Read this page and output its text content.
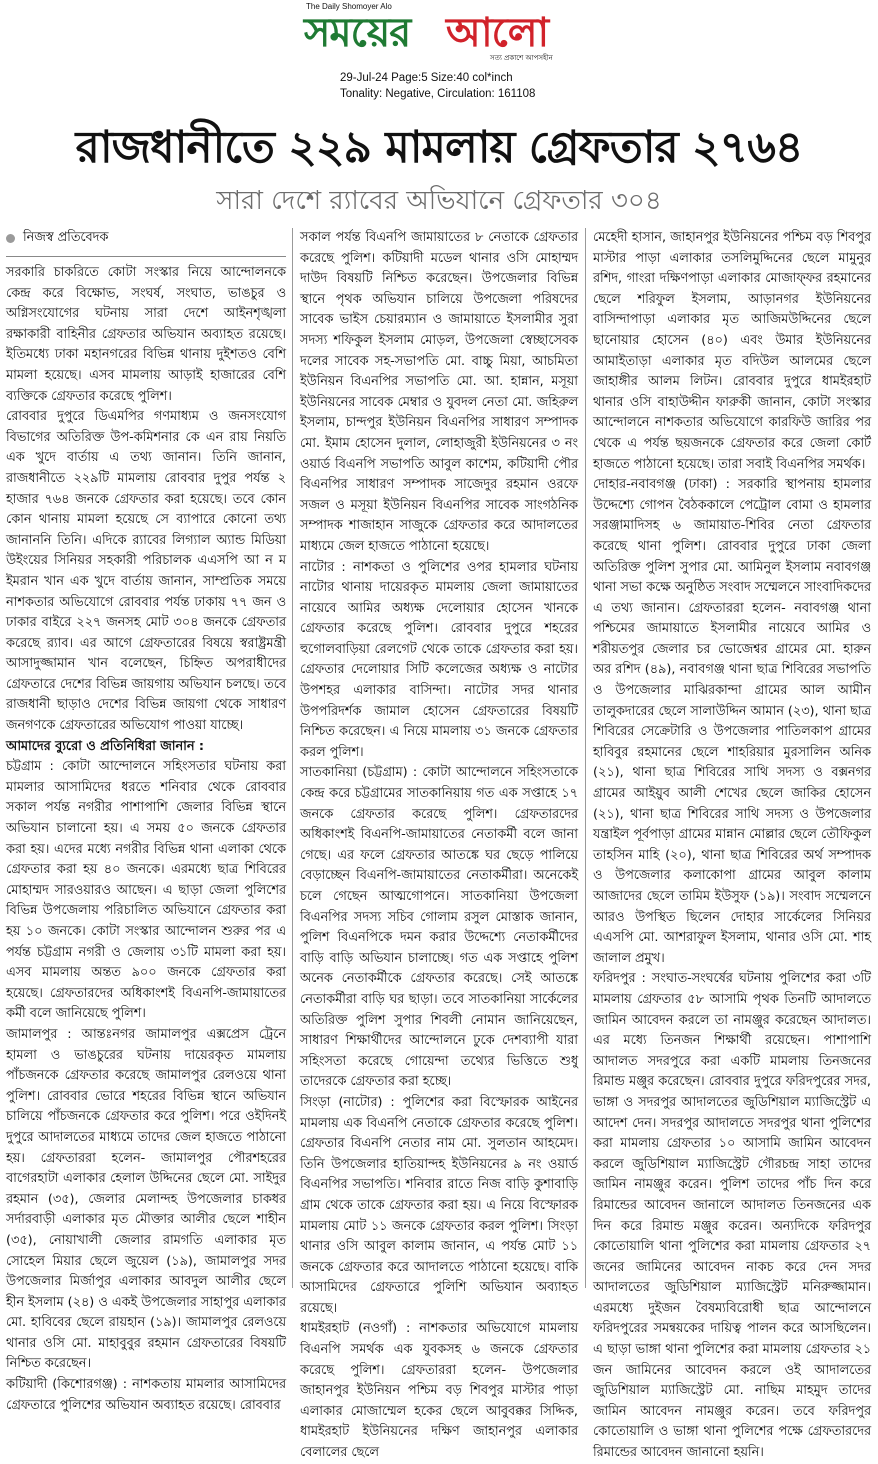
The Daily Shomoyer Alo
সময়ের আলো
সত্য প্রকাশে আপসহীন
29-Jul-24 Page:5 Size:40 col*inch
Tonality: Negative, Circulation: 161108
রাজধানীতে ২২৯ মামলায় গ্রেফতার ২৭৬৪
সারা দেশে র‌্যাবের অভিযানে গ্রেফতার ৩০৪
নিজস্ব প্রতিবেদক

সরকারি চাকরিতে কোটা সংস্কার নিয়ে আন্দোলনকে কেন্দ্র করে বিক্ষোভ, সংঘর্ষ, সংঘাত, ভাঙচুর ও অগ্নিসংযোগের ঘটনায় সারা দেশে আইনশৃঙ্খলা রক্ষাকারী বাহিনীর গ্রেফতার অভিযান অব্যাহত রয়েছে। ইতিমধ্যে ঢাকা মহানগরের বিভিন্ন থানায় দুইশতও বেশি মামলা হয়েছে। এসব মামলায় আড়াই হাজারের বেশি ব্যক্তিকে গ্রেফতার করেছে পুলিশ।

রোববার দুপুরে ডিএমপির গণমাধ্যম ও জনসংযোগ বিভাগের অতিরিক্ত উপ-কমিশনার কে এন রায় নিয়তি এক খুদে বার্তায় এ তথ্য জানান। তিনি জানান, রাজধানীতে ২২৯টি মামলায় রোববার দুপুর পর্যন্ত ২ হাজার ৭৬৪ জনকে গ্রেফতার করা হয়েছে। তবে কোন কোন থানায় মামলা হয়েছে সে ব্যাপারে কোনো তথ্য জানাননি তিনি। এদিকে র‌্যাবের লিগ্যাল অ্যান্ড মিডিয়া উইংয়ের সিনিয়র সহকারী পরিচালক এএসপি আ ন ম ইমরান খান এক খুদে বার্তায় জানান, সাম্প্রতিক সময়ে নাশকতার অভিযোগে রোববার পর্যন্ত ঢাকায় ৭৭ জন ও ঢাকার বাইরে ২২৭ জনসহ মোট ৩০৪ জনকে গ্রেফতার করেছে র‌্যাব। এর আগে গ্রেফতারের বিষয়ে স্বরাষ্ট্রমন্ত্রী আসাদুজ্জামান খান বলেছেন, চিহ্নিত অপরাধীদের গ্রেফতারে দেশের বিভিন্ন জায়গায় অভিযান চলছে। তবে রাজধানী ছাড়াও দেশের বিভিন্ন জায়গা থেকে সাধারণ জনগণকে গ্রেফতারের অভিযোগ পাওয়া যাচ্ছে।

আমাদের ব্যুরো ও প্রতিনিধিরা জানান :

চট্টগ্রাম : কোটা আন্দোলনে সহিংসতার ঘটনায় করা মামলার আসামিদের ধরতে শনিবার থেকে রোববার সকাল পর্যন্ত নগরীর পাশাপাশি জেলার বিভিন্ন স্থানে অভিযান চালানো হয়। এ সময় ৫০ জনকে গ্রেফতার করা হয়। এদের মধ্যে নগরীর বিভিন্ন থানা এলাকা থেকে গ্রেফতার করা হয় ৪০ জনকে। এরমধ্যে ছাত্র শিবিরের মোহাম্মদ সারওয়ারও আছেন। এ ছাড়া জেলা পুলিশের বিভিন্ন উপজেলায় পরিচালিত অভিযানে গ্রেফতার করা হয় ১০ জনকে। কোটা সংস্কার আন্দোলন শুরুর পর এ পর্যন্ত চট্টগ্রাম নগরী ও জেলায় ৩১টি মামলা করা হয়। এসব মামলায় অন্তত ৯০০ জনকে গ্রেফতার করা হয়েছে। গ্রেফতারদের অধিকাংশই বিএনপি-জামায়াতের কর্মী বলে জানিয়েছে পুলিশ।

জামালপুর : আন্তঃনগর জামালপুর এক্সপ্রেস ট্রেনে হামলা ও ভাঙচুরের ঘটনায় দায়েরকৃত মামলায় পাঁচজনকে গ্রেফতার করেছে জামালপুর রেলওয়ে থানা পুলিশ। রোববার ভোরে শহরের বিভিন্ন স্থানে অভিযান চালিয়ে পাঁচজনকে গ্রেফতার করে পুলিশ। পরে ওইদিনই দুপুরে আদালতের মাধ্যমে তাদের জেল হাজতে পাঠানো হয়। গ্রেফতাররা হলেন- জামালপুর পৌরশহরের বাগেরহাটা এলাকার হেলাল উদ্দিনের ছেলে মো. সাইদুর রহমান (৩৫), জেলার মেলান্দহ উপজেলার চাকধর সর্দারবাড়ী এলাকার মৃত মৌক্তার আলীর ছেলে শাহীন (৩৫), নোয়াখালী জেলার রামগতি এলাকার মৃত সোহেল মিয়ার ছেলে জুয়েল (১৯), জামালপুর সদর উপজেলার মির্জাপুর এলাকার আবদুল আলীর ছেলে হীন ইসলাম (২৪) ও একই উপজেলার সাহাপুর এলাকার মো. হাবিবের ছেলে রায়হান (১৯)। জামালপুর রেলওয়ে থানার ওসি মো. মাহাবুবুর রহমান গ্রেফতারের বিষয়টি নিশ্চিত করেছেন।

কটিয়াদী (কিশোরগঞ্জ) : নাশকতায় মামলার আসামিদের গ্রেফতারে পুলিশের অভিযান অব্যাহত রয়েছে। রোববার

সকাল পর্যন্ত বিএনপি জামায়াতের ৮ নেতাকে গ্রেফতার করেছে পুলিশ। কটিয়াদী মডেল থানার ওসি মোহাম্মদ দাউদ বিষয়টি নিশ্চিত করেছেন। উপজেলার বিভিন্ন স্থানে পৃথক অভিযান চালিয়ে উপজেলা পরিষদের সাবেক ভাইস চেয়ারম্যান ও জামায়াতে ইসলামীর সুরা সদস্য শফিকুল ইসলাম মোড়ল, উপজেলা স্বেচ্ছাসেবক দলের সাবেক সহ-সভাপতি মো. বাচ্চু মিয়া, আচমিতা ইউনিয়ন বিএনপির সভাপতি মো. আ. হান্নান, মসূয়া ইউনিয়নের সাবেক মেম্বার ও যুবদল নেতা মো. জহিরুল ইসলাম, চান্দপুর ইউনিয়ন বিএনপির সাধারণ সম্পাদক মো. ইমাম হোসেন দুলাল, লোহাজুরী ইউনিয়নের ৩ নং ওয়ার্ড বিএনপি সভাপতি আবুল কাশেম, কটিয়াদী পৌর বিএনপির সাধারণ সম্পাদক সাজেদুর রহমান ওরফে সজল ও মসূয়া ইউনিয়ন বিএনপির সাবেক সাংগঠনিক সম্পাদক শাজাহান সাজুকে গ্রেফতার করে আদালতের মাধ্যমে জেল হাজতে পাঠানো হয়েছে।

নাটোর : নাশকতা ও পুলিশের ওপর হামলার ঘটনায় নাটোর থানায় দায়েরকৃত মামলায় জেলা জামায়াতের নায়েবে আমির অধ্যক্ষ দেলোয়ার হোসেন খানকে গ্রেফতার করেছে পুলিশ। রোববার দুপুরে শহরের হুগোলবাড়িয়া রেলগেট থেকে তাকে গ্রেফতার করা হয়। গ্রেফতার দেলোয়ার সিটি কলেজের অধ্যক্ষ ও নাটোর উপশহর এলাকার বাসিন্দা। নাটোর সদর থানার উপপরিদর্শক জামাল হোসেন গ্রেফতারের বিষয়টি নিশ্চিত করেছেন। এ নিয়ে মামলায় ৩১ জনকে গ্রেফতার করল পুলিশ।

সাতকানিয়া (চট্টগ্রাম) : কোটা আন্দোলনে সহিংসতাকে কেন্দ্র করে চট্টগ্রামের সাতকানিয়ায় গত এক সপ্তাহে ১৭ জনকে গ্রেফতার করেছে পুলিশ। গ্রেফতারদের অধিকাংশই বিএনপি-জামায়াতের নেতাকর্মী বলে জানা গেছে। এর ফলে গ্রেফতার আতঙ্কে ঘর ছেড়ে পালিয়ে বেড়াচ্ছেন বিএনপি-জামায়াতের নেতাকর্মীরা। অনেকেই চলে গেছেন আত্মগোপনে। সাতকানিয়া উপজেলা বিএনপির সদস্য সচিব গোলাম রসুল মোস্তাক জানান, পুলিশ বিএনপিকে দমন করার উদ্দেশ্যে নেতাকর্মীদের বাড়ি বাড়ি অভিযান চালাচ্ছে। গত এক সপ্তাহে পুলিশ অনেক নেতাকর্মীকে গ্রেফতার করেছে। সেই আতঙ্কে নেতাকর্মীরা বাড়ি ঘর ছাড়া। তবে সাতকানিয়া সার্কেলের অতিরিক্ত পুলিশ সুপার শিবলী নোমান জানিয়েছেন, সাধারণ শিক্ষার্থীদের আন্দোলনে ঢুকে দেশব্যাপী যারা সহিংসতা করেছে গোয়েন্দা তথ্যের ভিত্তিতে শুধু তাদেরকে গ্রেফতার করা হচ্ছে।

সিংড়া (নাটোর) : পুলিশের করা বিস্ফোরক আইনের মামলায় এক বিএনপি নেতাকে গ্রেফতার করেছে পুলিশ। গ্রেফতার বিএনপি নেতার নাম মো. সুলতান আহমেদ। তিনি উপজেলার হাতিয়ান্দহ ইউনিয়নের ৯ নং ওয়ার্ড বিএনপির সভাপতি। শনিবার রাতে নিজ বাড়ি কুশাবাড়ি গ্রাম থেকে তাকে গ্রেফতার করা হয়। এ নিয়ে বিস্ফোরক মামলায় মোট ১১ জনকে গ্রেফতার করল পুলিশ। সিংড়া থানার ওসি আবুল কালাম জানান, এ পর্যন্ত মোট ১১ জনকে গ্রেফতার করে আদালতে পাঠানো হয়েছে। বাকি আসামিদের গ্রেফতারে পুলিশি অভিযান অব্যাহত রয়েছে।

ধামইরহাট (নওগাঁ) : নাশকতার অভিযোগে মামলায় বিএনপি সমর্থক এক যুবকসহ ৬ জনকে গ্রেফতার করেছে পুলিশ। গ্রেফতাররা হলেন- উপজেলার জাহানপুর ইউনিয়ন পশ্চিম বড় শিবপুর মাস্টার পাড়া এলাকার মোজাম্মেল হকের ছেলে আবুবক্কর সিদ্দিক, ধামইরহাট ইউনিয়নের দক্ষিণ জাহানপুর এলাকার বেলালের ছেলে

মেহেদী হাসান, জাহানপুর ইউনিয়নের পশ্চিম বড় শিবপুর মাস্টার পাড়া এলাকার তসলিমুদ্দিনের ছেলে মামুনুর রশিদ, গাংরা দক্ষিণপাড়া এলাকার মোজাফ্ফর রহমানের ছেলে শরিফুল ইসলাম, আড়ানগর ইউনিয়নের বাসিন্দাপাড়া এলাকার মৃত আজিমউদ্দিনের ছেলে ছানোয়ার হোসেন (৪০) এবং উমার ইউনিয়নের আমাইতাড়া এলাকার মৃত বদিউল আলমের ছেলে জাহাঙ্গীর আলম লিটন। রোববার দুপুরে ধামইরহাট থানার ওসি বাহাউদ্দীন ফারুকী জানান, কোটা সংস্কার আন্দোলনে নাশকতার অভিযোগে কারফিউ জারির পর থেকে এ পর্যন্ত ছয়জনকে গ্রেফতার করে জেলা কোর্ট হাজতে পাঠানো হয়েছে। তারা সবাই বিএনপির সমর্থক।

দোহার-নবাবগঞ্জ (ঢাকা) : সরকারি স্থাপনায় হামলার উদ্দেশ্যে গোপন বৈঠককালে পেট্রোল বোমা ও হামলার সরঞ্জামাদিসহ ৬ জামায়াত-শিবির নেতা গ্রেফতার করেছে থানা পুলিশ। রোববার দুপুরে ঢাকা জেলা অতিরিক্ত পুলিশ সুপার মো. আমিনুল ইসলাম নবাবগঞ্জ থানা সভা কক্ষে অনুষ্ঠিত সংবাদ সম্মেলনে সাংবাদিকদের এ তথ্য জানান। গ্রেফতাররা হলেন- নবাবগঞ্জ থানা পশ্চিমের জামায়াতে ইসলামীর নায়েবে আমির ও শরীয়তপুর জেলার চর ভোজেশ্বর গ্রামের মো. হারুন অর রশিদ (৪৯), নবাবগঞ্জ থানা ছাত্র শিবিরের সভাপতি ও উপজেলার মাঝিরকান্দা গ্রামের আল আমীন তালুকদারের ছেলে সালাউদ্দিন আমান (২৩), থানা ছাত্র শিবিরের সেক্রেটারি ও উপজেলার পাতিলকাপ গ্রামের হাবিবুর রহমানের ছেলে শাহরিয়ার মুরসালিন অনিক (২১), থানা ছাত্র শিবিরের সাথি সদস্য ও বক্সনগর গ্রামের আইয়ুব আলী শেখের ছেলে জাকির হোসেন (২১), থানা ছাত্র শিবিরের সাথি সদস্য ও উপজেলার যন্ত্রাইল পূর্বপাড়া গ্রামের মান্নান মোল্লার ছেলে তৌফিকুল তাহসিন মাহি (২০), থানা ছাত্র শিবিরের অর্থ সম্পাদক ও উপজেলার কলাকোপা গ্রামের আবুল কালাম আজাদের ছেলে তামিম ইউসুফ (১৯)। সংবাদ সম্মেলনে আরও উপস্থিত ছিলেন দোহার সার্কেলের সিনিয়র এএসপি মো. আশরাফুল ইসলাম, থানার ওসি মো. শাহ জালাল প্রমুখ।

ফরিদপুর : সংঘাত-সংঘর্ষের ঘটনায় পুলিশের করা ৩টি মামলায় গ্রেফতার ৫৮ আসামি পৃথক তিনটি আদালতে জামিন আবেদন করলে তা নামঞ্জুর করেছেন আদালত। এর মধ্যে তিনজন শিক্ষার্থী রয়েছেন। পাশাপাশি আদালত সদরপুরে করা একটি মামলায় তিনজনের রিমান্ড মঞ্জুর করেছেন। রোববার দুপুরে ফরিদপুরের সদর, ভাঙ্গা ও সদরপুর আদালতের জুডিশিয়াল ম্যাজিস্ট্রেট এ আদেশ দেন। সদরপুর আদালতে সদরপুর থানা পুলিশের করা মামলায় গ্রেফতার ১০ আসামি জামিন আবেদন করলে জুডিশিয়াল ম্যাজিস্ট্রেট গৌরচন্দ্র সাহা তাদের জামিন নামঞ্জুর করেন। পুলিশ তাদের পাঁচ দিন করে রিমান্ডের আবেদন জানালে আদালত তিনজনের এক দিন করে রিমান্ড মঞ্জুর করেন। অন্যদিকে ফরিদপুর কোতোয়ালি থানা পুলিশের করা মামলায় গ্রেফতার ২৭ জনের জামিনের আবেদন নাকচ করে দেন সদর আদালতের জুডিশিয়াল ম্যাজিস্ট্রেট মনিরুজ্জামান। এরমধ্যে দুইজন বৈষম্যবিরোধী ছাত্র আন্দোলনে ফরিদপুরের সমন্বয়কের দায়িত্ব পালন করে আসছিলেন। এ ছাড়া ভাঙ্গা থানা পুলিশের করা মামলায় গ্রেফতার ২১ জন জামিনের আবেদন করলে ওই আদালতের জুডিশিয়াল ম্যাজিস্ট্রেট মো. নাছিম মাহমুদ তাদের জামিন আবেদন নামঞ্জুর করেন। তবে ফরিদপুর কোতোয়ালি ও ভাঙ্গা থানা পুলিশের পক্ষে গ্রেফতারদের রিমান্ডের আবেদন জানানো হয়নি।
